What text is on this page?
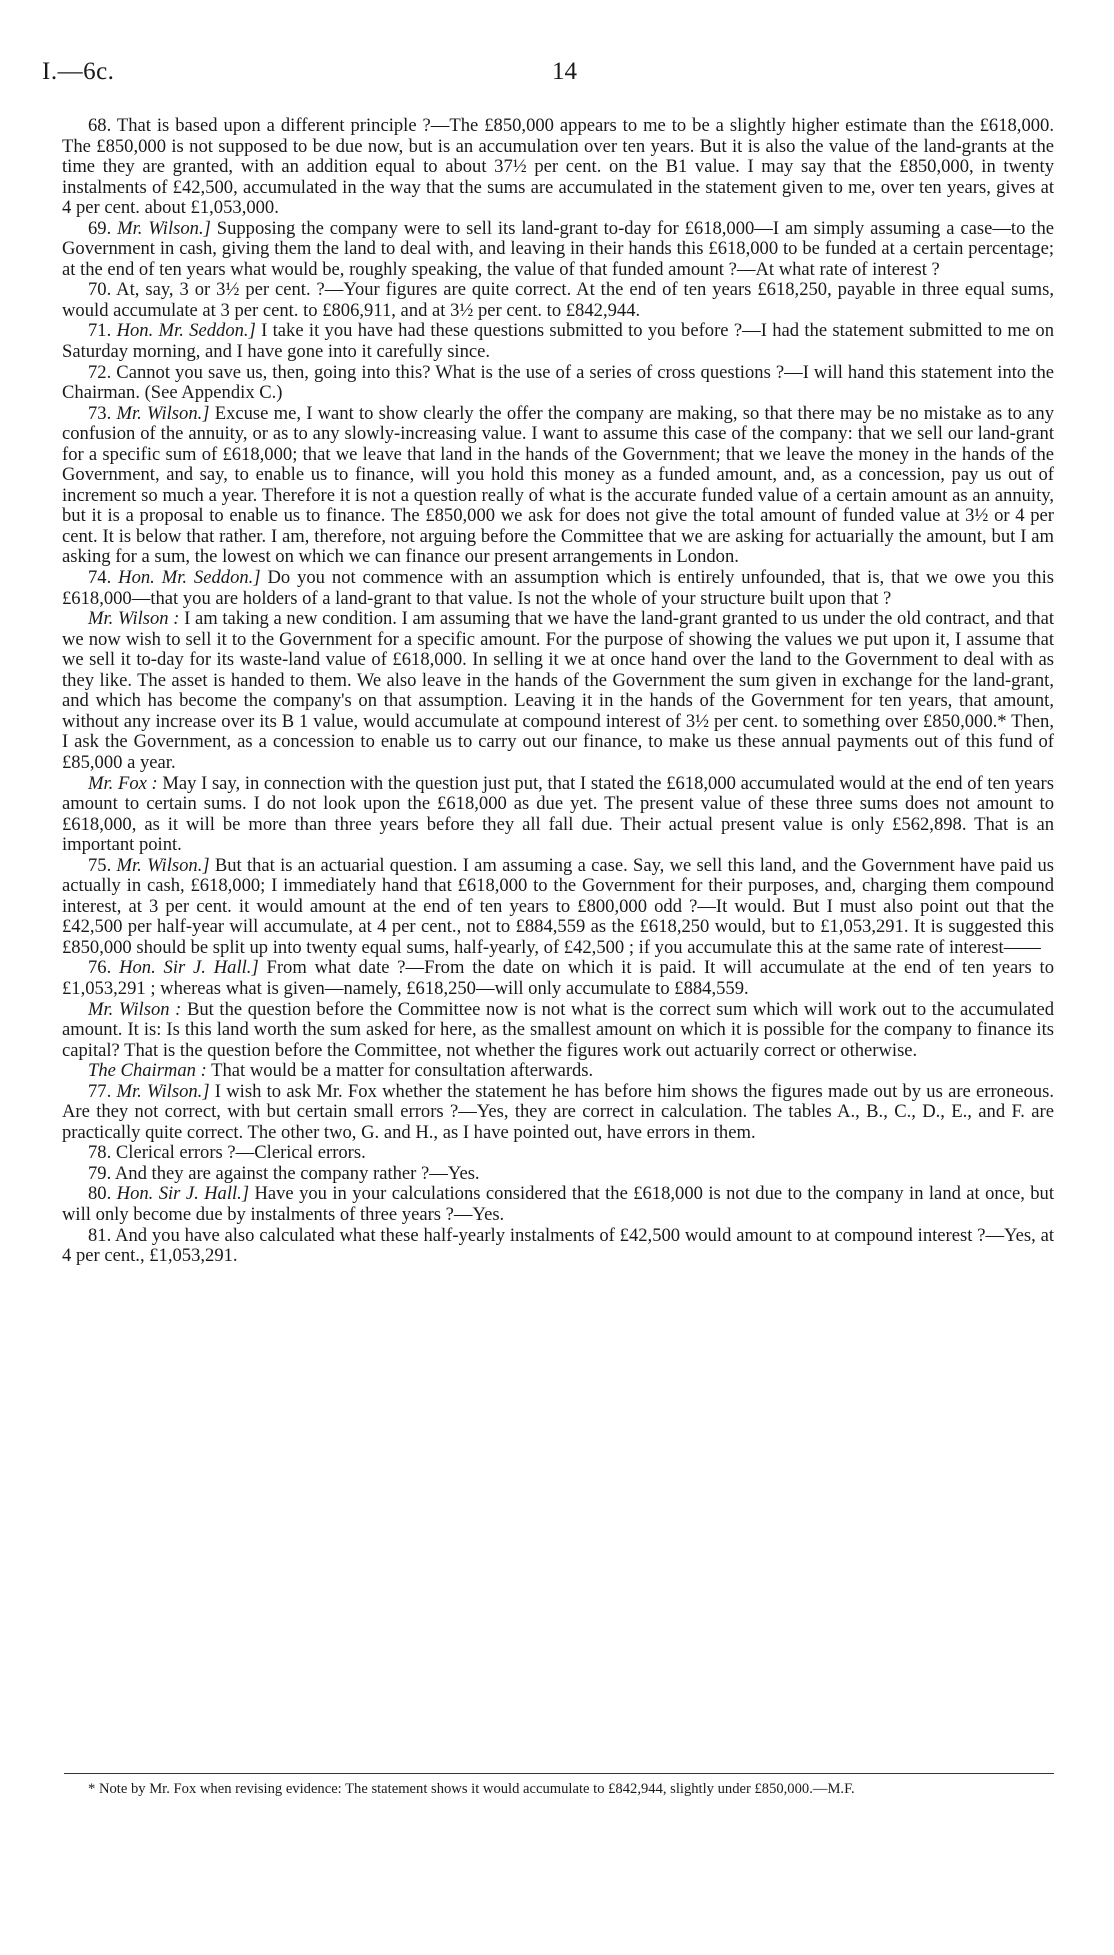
I.—6c.	14

68. That is based upon a different principle ?—The £850,000 appears to me to be a slightly higher estimate than the £618,000. The £850,000 is not supposed to be due now, but is an accumulation over ten years. But it is also the value of the land-grants at the time they are granted, with an addition equal to about 37½ per cent. on the B1 value. I may say that the £850,000, in twenty instalments of £42,500, accumulated in the way that the sums are accumulated in the statement given to me, over ten years, gives at 4 per cent. about £1,053,000.

69. Mr. Wilson.] Supposing the company were to sell its land-grant to-day for £618,000—I am simply assuming a case—to the Government in cash, giving them the land to deal with, and leaving in their hands this £618,000 to be funded at a certain percentage; at the end of ten years what would be, roughly speaking, the value of that funded amount ?—At what rate of interest ?

70. At, say, 3 or 3½ per cent. ?—Your figures are quite correct. At the end of ten years £618,250, payable in three equal sums, would accumulate at 3 per cent. to £806,911, and at 3½ per cent. to £842,944.

71. Hon. Mr. Seddon.] I take it you have had these questions submitted to you before ?—I had the statement submitted to me on Saturday morning, and I have gone into it carefully since.

72. Cannot you save us, then, going into this? What is the use of a series of cross questions ?—I will hand this statement into the Chairman. (See Appendix C.)

73. Mr. Wilson.] Excuse me, I want to show clearly the offer the company are making, so that there may be no mistake as to any confusion of the annuity, or as to any slowly-increasing value. I want to assume this case of the company: that we sell our land-grant for a specific sum of £618,000; that we leave that land in the hands of the Government; that we leave the money in the hands of the Government, and say, to enable us to finance, will you hold this money as a funded amount, and, as a concession, pay us out of increment so much a year. Therefore it is not a question really of what is the accurate funded value of a certain amount as an annuity, but it is a proposal to enable us to finance. The £850,000 we ask for does not give the total amount of funded value at 3½ or 4 per cent. It is below that rather. I am, therefore, not arguing before the Committee that we are asking for actuarially the amount, but I am asking for a sum, the lowest on which we can finance our present arrangements in London.

74. Hon. Mr. Seddon.] Do you not commence with an assumption which is entirely unfounded, that is, that we owe you this £618,000—that you are holders of a land-grant to that value. Is not the whole of your structure built upon that ?

Mr. Wilson : I am taking a new condition. I am assuming that we have the land-grant granted to us under the old contract, and that we now wish to sell it to the Government for a specific amount. For the purpose of showing the values we put upon it, I assume that we sell it to-day for its waste-land value of £618,000. In selling it we at once hand over the land to the Government to deal with as they like. The asset is handed to them. We also leave in the hands of the Government the sum given in exchange for the land-grant, and which has become the company's on that assumption. Leaving it in the hands of the Government for ten years, that amount, without any increase over its B 1 value, would accumulate at compound interest of 3½ per cent. to something over £850,000.* Then, I ask the Government, as a concession to enable us to carry out our finance, to make us these annual payments out of this fund of £85,000 a year.

Mr. Fox : May I say, in connection with the question just put, that I stated the £618,000 accumulated would at the end of ten years amount to certain sums. I do not look upon the £618,000 as due yet. The present value of these three sums does not amount to £618,000, as it will be more than three years before they all fall due. Their actual present value is only £562,898. That is an important point.

75. Mr. Wilson.] But that is an actuarial question. I am assuming a case. Say, we sell this land, and the Government have paid us actually in cash, £618,000; I immediately hand that £618,000 to the Government for their purposes, and, charging them compound interest, at 3 per cent. it would amount at the end of ten years to £800,000 odd ?—It would. But I must also point out that the £42,500 per half-year will accumulate, at 4 per cent., not to £884,559 as the £618,250 would, but to £1,053,291. It is suggested this £850,000 should be split up into twenty equal sums, half-yearly, of £42,500 ; if you accumulate this at the same rate of interest——

76. Hon. Sir J. Hall.] From what date ?—From the date on which it is paid. It will accumulate at the end of ten years to £1,053,291 ; whereas what is given—namely, £618,250—will only accumulate to £884,559.

Mr. Wilson : But the question before the Committee now is not what is the correct sum which will work out to the accumulated amount. It is: Is this land worth the sum asked for here, as the smallest amount on which it is possible for the company to finance its capital? That is the question before the Committee, not whether the figures work out actuarily correct or otherwise.

The Chairman : That would be a matter for consultation afterwards.

77. Mr. Wilson.] I wish to ask Mr. Fox whether the statement he has before him shows the figures made out by us are erroneous. Are they not correct, with but certain small errors ?—Yes, they are correct in calculation. The tables A., B., C., D., E., and F. are practically quite correct. The other two, G. and H., as I have pointed out, have errors in them.

78. Clerical errors ?—Clerical errors.

79. And they are against the company rather ?—Yes.

80. Hon. Sir J. Hall.] Have you in your calculations considered that the £618,000 is not due to the company in land at once, but will only become due by instalments of three years ?—Yes.

81. And you have also calculated what these half-yearly instalments of £42,500 would amount to at compound interest ?—Yes, at 4 per cent., £1,053,291.

* Note by Mr. Fox when revising evidence: The statement shows it would accumulate to £842,944, slightly under £850,000.—M.F.
